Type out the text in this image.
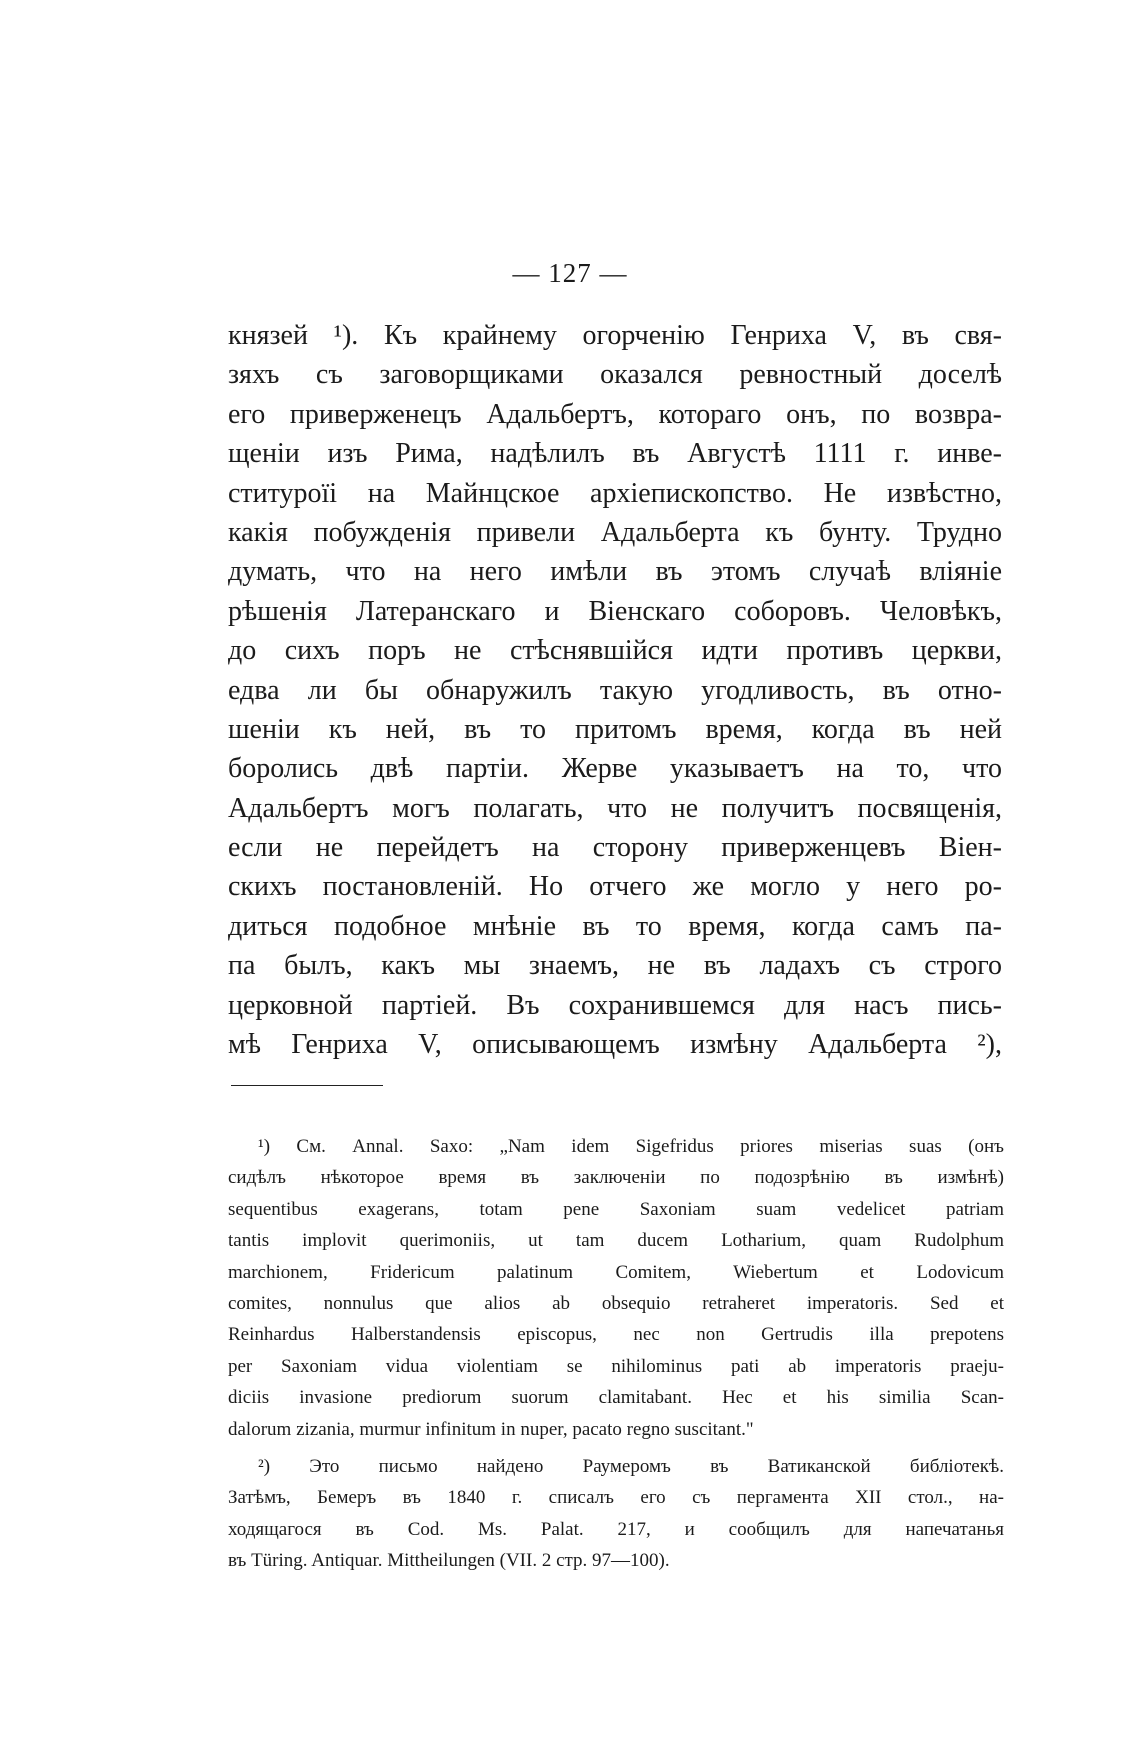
— 127 —
князей ¹). Къ крайнему огорченію Генриха V, въ свя-
зяхъ съ заговорщиками оказался ревностный доселѣ
его приверженецъ Адальбертъ, котораго онъ, по возвра-
щеніи изъ Рима, надѣлилъ въ Августѣ 1111 г. инве-
ституроїі на Майнцское архіепископство. Не извѣстно,
какія побужденія привели Адальберта къ бунту. Трудно
думать, что на него имѣли въ этомъ случаѣ вліяніе
рѣшенія Латеранскаго и Віенскаго соборовъ. Человѣкъ,
до сихъ поръ не стѣснявшійся идти противъ церкви,
едва ли бы обнаружилъ такую угодливость, въ отно-
шеніи къ ней, въ то притомъ время, когда въ ней
боролись двѣ партіи. Жерве указываетъ на то, что
Адальбертъ могъ полагать, что не получитъ посвященія,
если не перейдетъ на сторону приверженцевъ Віен-
скихъ постановленій. Но отчего же могло у него ро-
диться подобное мнѣніе въ то время, когда самъ па-
па былъ, какъ мы знаемъ, не въ ладахъ съ строго
церковной партіей. Въ сохранившемся для насъ пись-
мѣ Генриха V, описывающемъ измѣну Адальберта ²),
¹) См. Annal. Saxo: „Nam idem Sigefridus priores miserias suas (онъ
сидѣлъ нѣкоторое время въ заключеніи по подозрѣнію въ измѣнѣ)
sequentibus exagerans, totam pene Saxoniam suam vedelicet patriam
tantis implovit querimoniis, ut tam ducem Lotharium, quam Rudolphum
marchionem, Fridericum palatinum Comitem, Wiebertum et Lodovicum
comites, nonnulus que alios ab obsequio retraheret imperatoris. Sed et
Reinhardus Halberstandensis episcopus, nec non Gertrudis illa prepotens
per Saxoniam vidua violentiam se nihilominus pati ab imperatoris praeju-
diciis invasione prediorum suorum clamitabant. Hec et his similia Scan-
dalorum zizania, murmur infinitum in nuper, pacato regno suscitant."
²) Это письмо найдено Раумеромъ въ Ватиканской библіотекѣ.
Затѣмъ, Бемеръ въ 1840 г. списалъ его съ пергамента XII стол., на-
ходящагося въ Cod. Ms. Palat. 217, и сообщилъ для напечатанья
въ Türing. Antiquar. Mittheilungen (VII. 2 стр. 97—100).
